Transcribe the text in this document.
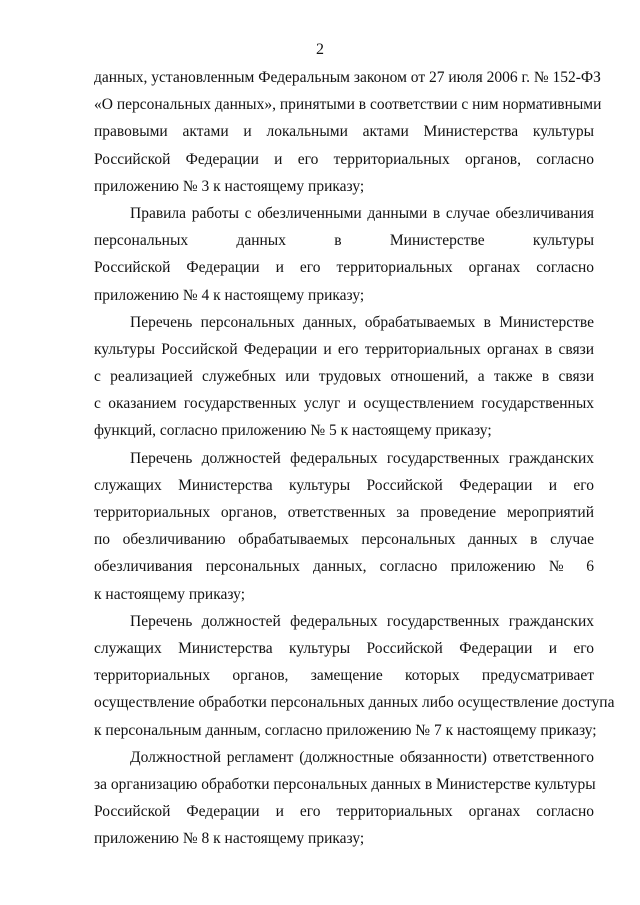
2

данных, установленным Федеральным законом от 27 июля 2006 г. № 152-ФЗ
«О персональных данных», принятыми в соответствии с ним нормативными
правовыми актами и локальными актами Министерства культуры
Российской Федерации и его территориальных органов, согласно
приложению № 3 к настоящему приказу;

Правила работы с обезличенными данными в случае обезличивания
персональных данных в Министерстве культуры
Российской Федерации и его территориальных органах согласно
приложению № 4 к настоящему приказу;

Перечень персональных данных, обрабатываемых в Министерстве
культуры Российской Федерации и его территориальных органах в связи
с реализацией служебных или трудовых отношений, а также в связи
с оказанием государственных услуг и осуществлением государственных
функций, согласно приложению № 5 к настоящему приказу;

Перечень должностей федеральных государственных гражданских
служащих Министерства культуры Российской Федерации и его
территориальных органов, ответственных за проведение мероприятий
по обезличиванию обрабатываемых персональных данных в случае
обезличивания персональных данных, согласно приложению № 6
к настоящему приказу;

Перечень должностей федеральных государственных гражданских
служащих Министерства культуры Российской Федерации и его
территориальных органов, замещение которых предусматривает
осуществление обработки персональных данных либо осуществление доступа
к персональным данным, согласно приложению № 7 к настоящему приказу;

Должностной регламент (должностные обязанности) ответственного
за организацию обработки персональных данных в Министерстве культуры
Российской Федерации и его территориальных органах согласно
приложению № 8 к настоящему приказу;
